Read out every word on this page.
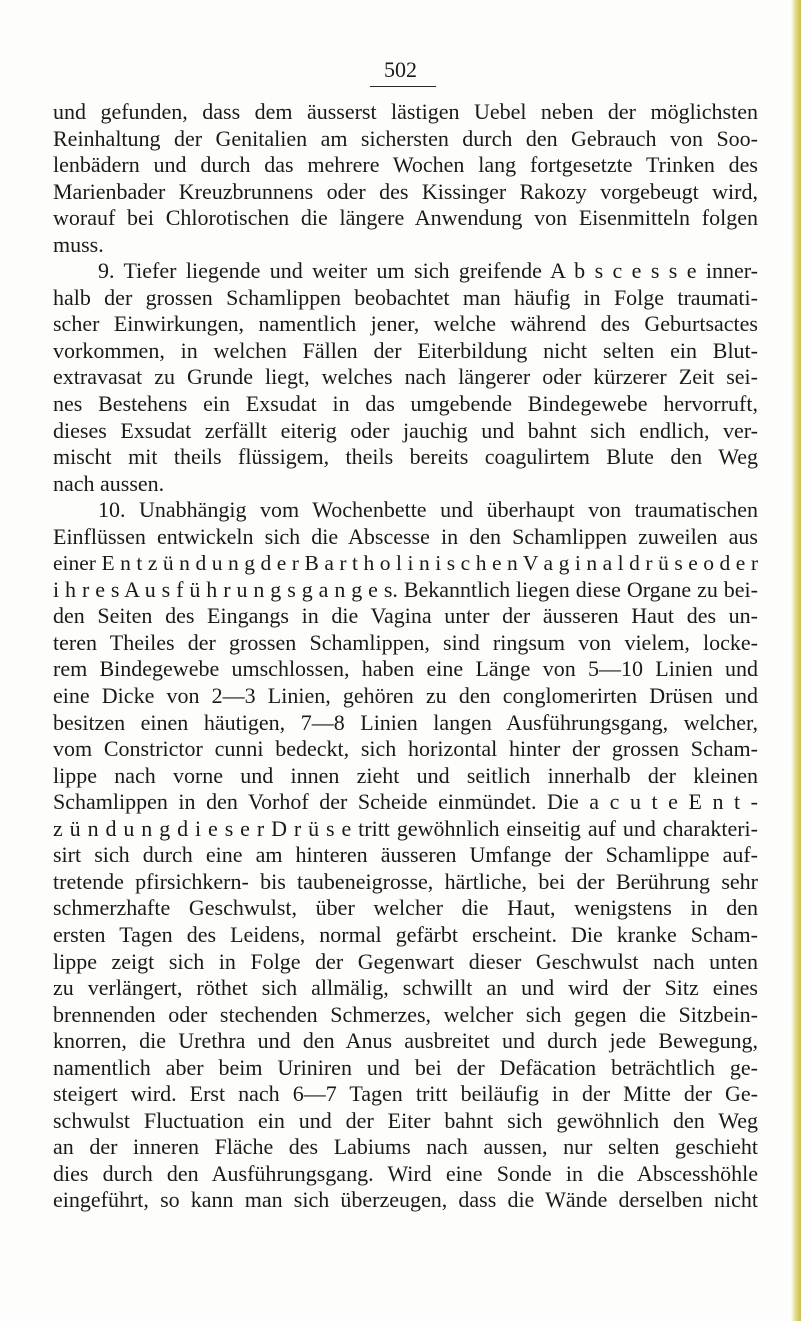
502
und gefunden, dass dem äusserst lästigen Uebel neben der möglichsten
Reinhaltung der Genitalien am sichersten durch den Gebrauch von Soo-
lenbädern und durch das mehrere Wochen lang fortgesetzte Trinken des
Marienbader Kreuzbrunnens oder des Kissinger Rakozy vorgebeugt wird,
worauf bei Chlorotischen die längere Anwendung von Eisenmitteln folgen
muss.
9. Tiefer liegende und weiter um sich greifende A b s c e s s e inner-
halb der grossen Schamlippen beobachtet man häufig in Folge traumati-
scher Einwirkungen, namentlich jener, welche während des Geburtsactes
vorkommen, in welchen Fällen der Eiterbildung nicht selten ein Blut-
extravasat zu Grunde liegt, welches nach längerer oder kürzerer Zeit sei-
nes Bestehens ein Exsudat in das umgebende Bindegewebe hervorruft,
dieses Exsudat zerfällt eiterig oder jauchig und bahnt sich endlich, ver-
mischt mit theils flüssigem, theils bereits coagulirtem Blute den Weg
nach aussen.
10. Unabhängig vom Wochenbette und überhaupt von traumatischen
Einflüssen entwickeln sich die Abscesse in den Schamlippen zuweilen aus
einer E n t z ü n d u n g d e r B a r t h o l i n i s c h e n V a g i n a l d r ü s e o d e r
i h r e s A u s f ü h r u n g s g a n g e s. Bekanntlich liegen diese Organe zu bei-
den Seiten des Eingangs in die Vagina unter der äusseren Haut des un-
teren Theiles der grossen Schamlippen, sind ringsum von vielem, locke-
rem Bindegewebe umschlossen, haben eine Länge von 5—10 Linien und
eine Dicke von 2—3 Linien, gehören zu den conglomerirten Drüsen und
besitzen einen häutigen, 7—8 Linien langen Ausführungsgang, welcher,
vom Constrictor cunni bedeckt, sich horizontal hinter der grossen Scham-
lippe nach vorne und innen zieht und seitlich innerhalb der kleinen
Schamlippen in den Vorhof der Scheide einmündet. Die a c u t e E n t -
z ü n d u n g d i e s e r D r ü s e tritt gewöhnlich einseitig auf und charakteri-
sirt sich durch eine am hinteren äusseren Umfange der Schamlippe auf-
tretende pfirsichkern- bis taubeneigrosse, härtliche, bei der Berührung sehr
schmerzhafte Geschwulst, über welcher die Haut, wenigstens in den
ersten Tagen des Leidens, normal gefärbt erscheint. Die kranke Scham-
lippe zeigt sich in Folge der Gegenwart dieser Geschwulst nach unten
zu verlängert, röthet sich allmälig, schwillt an und wird der Sitz eines
brennenden oder stechenden Schmerzes, welcher sich gegen die Sitzbein-
knorren, die Urethra und den Anus ausbreitet und durch jede Bewegung,
namentlich aber beim Uriniren und bei der Defäcation beträchtlich ge-
steigert wird. Erst nach 6—7 Tagen tritt beiläufig in der Mitte der Ge-
schwulst Fluctuation ein und der Eiter bahnt sich gewöhnlich den Weg
an der inneren Fläche des Labiums nach aussen, nur selten geschieht
dies durch den Ausführungsgang. Wird eine Sonde in die Abscesshöhle
eingeführt, so kann man sich überzeugen, dass die Wände derselben nicht
